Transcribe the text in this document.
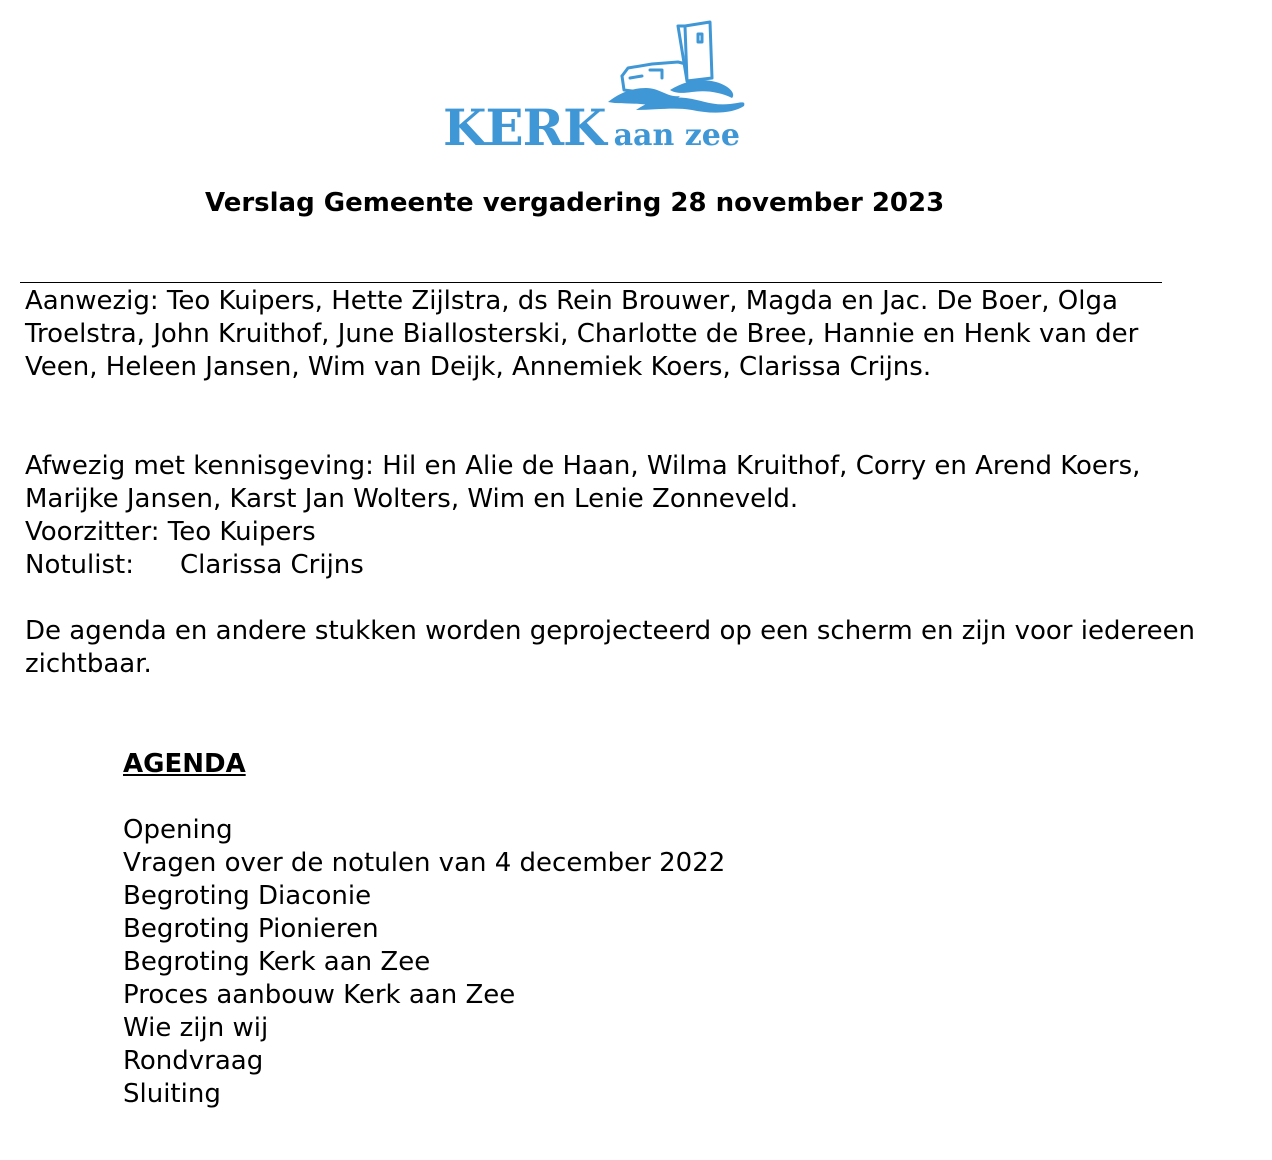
KERK aan zee
Verslag Gemeente vergadering 28 november 2023
Aanwezig: Teo Kuipers, Hette Zijlstra, ds Rein Brouwer, Magda en Jac. De Boer, Olga Troelstra, John Kruithof, June Biallosterski, Charlotte de Bree, Hannie en Henk van der Veen, Heleen Jansen, Wim van Deijk, Annemiek Koers, Clarissa Crijns.
Afwezig met kennisgeving: Hil en Alie de Haan, Wilma Kruithof, Corry en Arend Koers, Marijke Jansen, Karst Jan Wolters, Wim en Lenie Zonneveld.
Voorzitter: Teo Kuipers
Notulist: Clarissa Crijns
De agenda en andere stukken worden geprojecteerd op een scherm en zijn voor iedereen zichtbaar.
AGENDA
Opening
Vragen over de notulen van 4 december 2022
Begroting Diaconie
Begroting Pionieren
Begroting Kerk aan Zee
Proces aanbouw Kerk aan Zee
Wie zijn wij
Rondvraag
Sluiting
